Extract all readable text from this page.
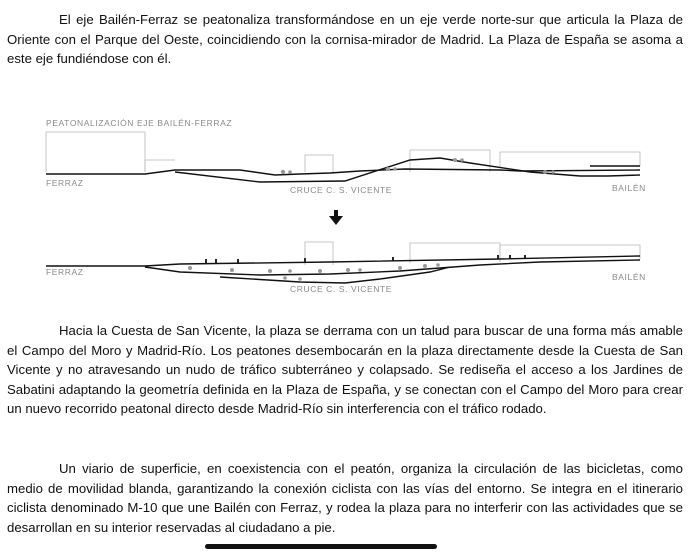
El eje Bailén-Ferraz se peatonaliza transformándose en un eje verde norte-sur que articula la Plaza de Oriente con el Parque del Oeste, coincidiendo con la cornisa-mirador de Madrid. La Plaza de España se asoma a este eje fundiéndose con él.

PEATONALIZACIÓN EJE BAILÉN-FERRAZ
FERRAZ	BAILÉN
CRUCE C. S. VICENTE
FERRAZ	BAILÉN
CRUCE C. S. VICENTE

Hacia la Cuesta de San Vicente, la plaza se derrama con un talud para buscar de una forma más amable el Campo del Moro y Madrid-Río. Los peatones desembocarán en la plaza directamente desde la Cuesta de San Vicente y no atravesando un nudo de tráfico subterráneo y colapsado. Se rediseña el acceso a los Jardines de Sabatini adaptando la geometría definida en la Plaza de España, y se conectan con el Campo del Moro para crear un nuevo recorrido peatonal directo desde Madrid-Río sin interferencia con el tráfico rodado.

Un viario de superficie, en coexistencia con el peatón, organiza la circulación de las bicicletas, como medio de movilidad blanda, garantizando la conexión ciclista con las vías del entorno. Se integra en el itinerario ciclista denominado M-10 que une Bailén con Ferraz, y rodea la plaza para no interferir con las actividades que se desarrollan en su interior reservadas al ciudadano a pie.
